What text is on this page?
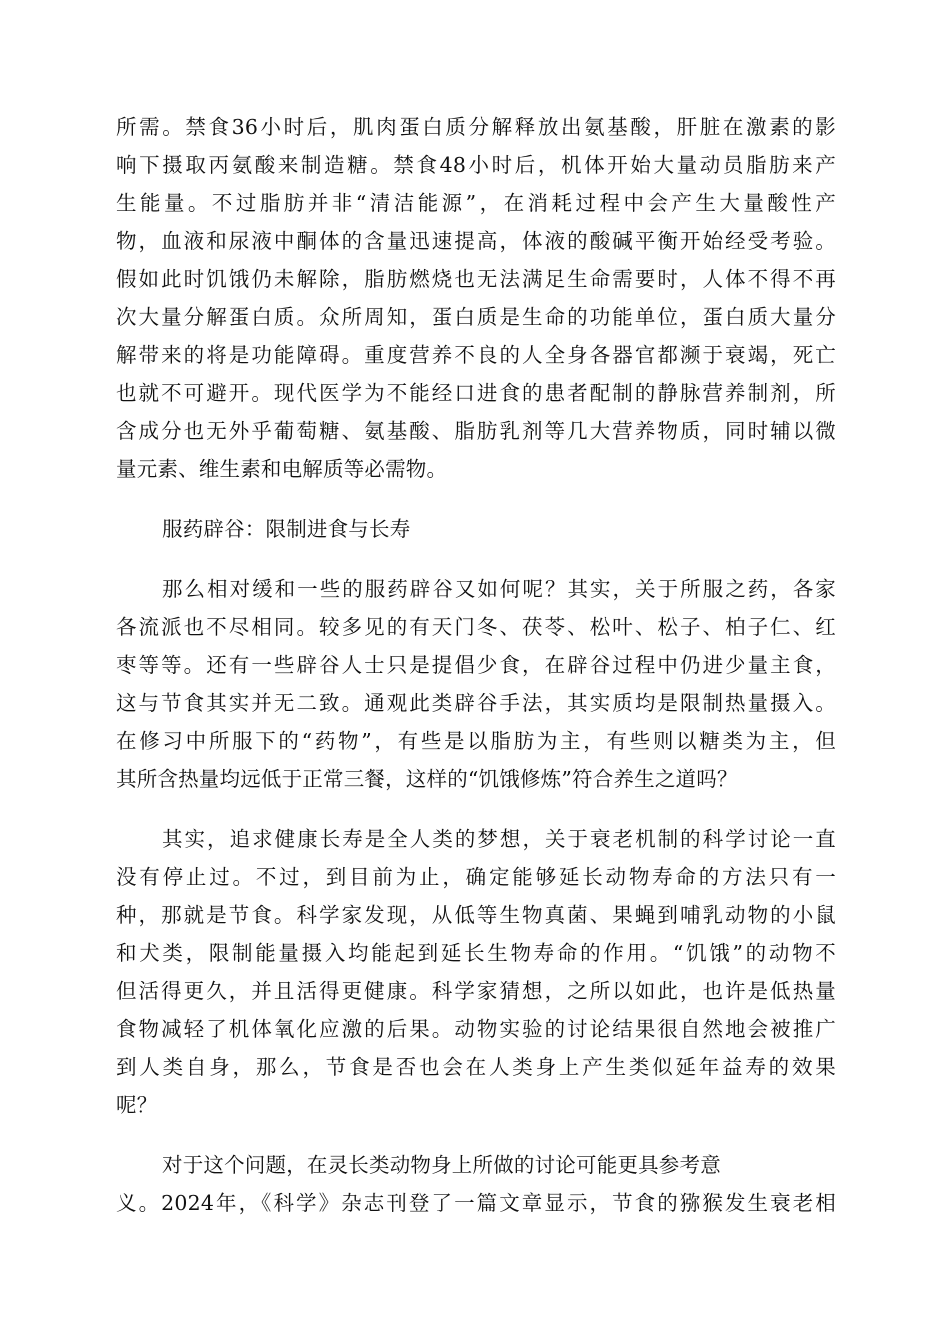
所需。禁食36小时后，肌肉蛋白质分解释放出氨基酸，肝脏在激素的影
响下摄取丙氨酸来制造糖。禁食48小时后，机体开始大量动员脂肪来产
生能量。不过脂肪并非“清洁能源”，在消耗过程中会产生大量酸性产
物，血液和尿液中酮体的含量迅速提高，体液的酸碱平衡开始经受考验。
假如此时饥饿仍未解除，脂肪燃烧也无法满足生命需要时，人体不得不再
次大量分解蛋白质。众所周知，蛋白质是生命的功能单位，蛋白质大量分
解带来的将是功能障碍。重度营养不良的人全身各器官都濒于衰竭，死亡
也就不可避开。现代医学为不能经口进食的患者配制的静脉营养制剂，所
含成分也无外乎葡萄糖、氨基酸、脂肪乳剂等几大营养物质，同时辅以微
量元素、维生素和电解质等必需物。
服药辟谷：限制进食与长寿
那么相对缓和一些的服药辟谷又如何呢？其实，关于所服之药，各家
各流派也不尽相同。较多见的有天门冬、茯苓、松叶、松子、柏子仁、红
枣等等。还有一些辟谷人士只是提倡少食，在辟谷过程中仍进少量主食，
这与节食其实并无二致。通观此类辟谷手法，其实质均是限制热量摄入。
在修习中所服下的“药物”，有些是以脂肪为主，有些则以糖类为主，但
其所含热量均远低于正常三餐，这样的“饥饿修炼”符合养生之道吗？
其实，追求健康长寿是全人类的梦想，关于衰老机制的科学讨论一直
没有停止过。不过，到目前为止，确定能够延长动物寿命的方法只有一
种，那就是节食。科学家发现，从低等生物真菌、果蝇到哺乳动物的小鼠
和犬类，限制能量摄入均能起到延长生物寿命的作用。“饥饿”的动物不
但活得更久，并且活得更健康。科学家猜想，之所以如此，也许是低热量
食物减轻了机体氧化应激的后果。动物实验的讨论结果很自然地会被推广
到人类自身，那么，节食是否也会在人类身上产生类似延年益寿的效果
呢？
对于这个问题，在灵长类动物身上所做的讨论可能更具参考意
义。2024年，《科学》杂志刊登了一篇文章显示，节食的猕猴发生衰老相
